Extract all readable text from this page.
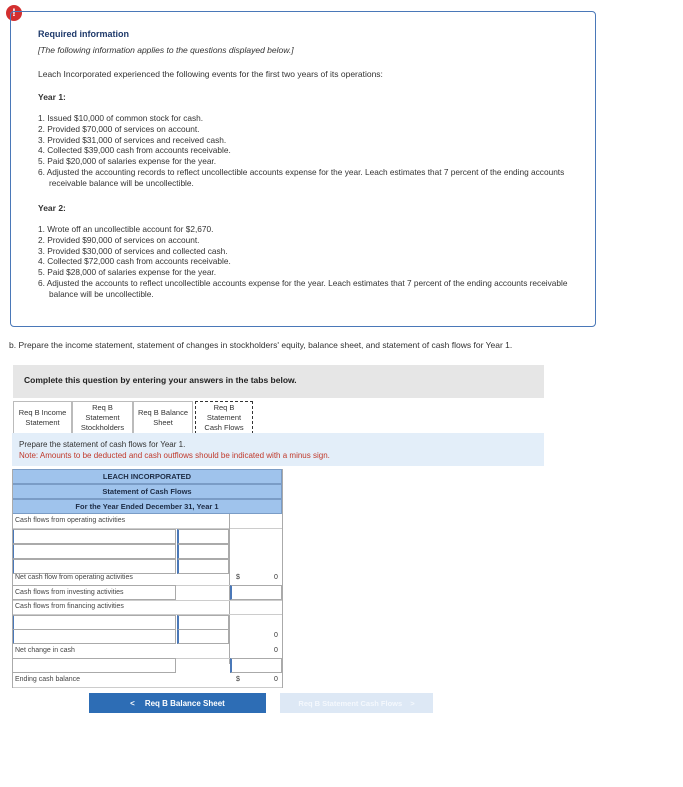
!
Required information
[The following information applies to the questions displayed below.]
Leach Incorporated experienced the following events for the first two years of its operations:
Year 1:
1. Issued $10,000 of common stock for cash.
2. Provided $70,000 of services on account.
3. Provided $31,000 of services and received cash.
4. Collected $39,000 cash from accounts receivable.
5. Paid $20,000 of salaries expense for the year.
6. Adjusted the accounting records to reflect uncollectible accounts expense for the year. Leach estimates that 7 percent of the ending accounts receivable balance will be uncollectible.
Year 2:
1. Wrote off an uncollectible account for $2,670.
2. Provided $90,000 of services on account.
3. Provided $30,000 of services and collected cash.
4. Collected $72,000 cash from accounts receivable.
5. Paid $28,000 of salaries expense for the year.
6. Adjusted the accounts to reflect uncollectible accounts expense for the year. Leach estimates that 7 percent of the ending accounts receivable balance will be uncollectible.
b. Prepare the income statement, statement of changes in stockholders' equity, balance sheet, and statement of cash flows for Year 1.
Complete this question by entering your answers in the tabs below.
Req B Income
Statement
Req B
Statement
Stockholders
Req B Balance
Sheet
Req B
Statement
Cash Flows
Prepare the statement of cash flows for Year 1.
Note: Amounts to be deducted and cash outflows should be indicated with a minus sign.
LEACH INCORPORATED
Statement of Cash Flows
For the Year Ended December 31, Year 1
Cash flows from operating activities
Net cash flow from operating activities	$	0
Cash flows from investing activities
Cash flows from financing activities
0
Net change in cash	0
Ending cash balance	$	0
< Req B Balance Sheet	Req B Statement Cash Flows >
